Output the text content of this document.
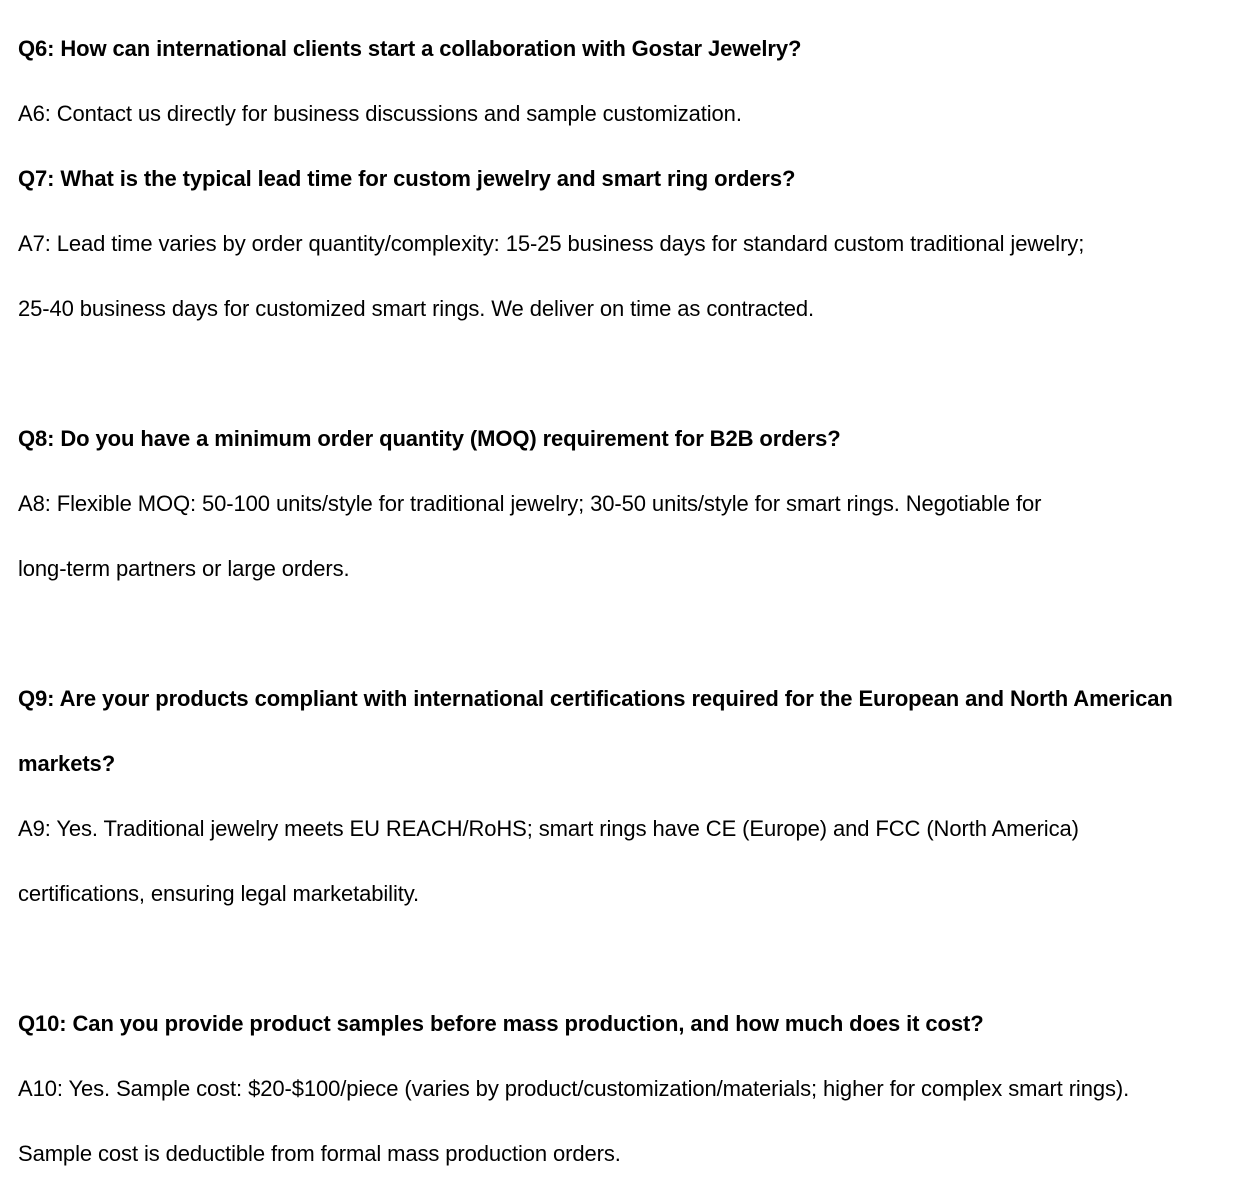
Q6: How can international clients start a collaboration with Gostar Jewelry?
A6: Contact us directly for business discussions and sample customization.
Q7: What is the typical lead time for custom jewelry and smart ring orders?
A7: Lead time varies by order quantity/complexity: 15-25 business days for standard custom traditional jewelry;
25-40 business days for customized smart rings. We deliver on time as contracted.
Q8: Do you have a minimum order quantity (MOQ) requirement for B2B orders?
A8: Flexible MOQ: 50-100 units/style for traditional jewelry; 30-50 units/style for smart rings. Negotiable for
long-term partners or large orders.
Q9: Are your products compliant with international certifications required for the European and North American
markets?
A9: Yes. Traditional jewelry meets EU REACH/RoHS; smart rings have CE (Europe) and FCC (North America)
certifications, ensuring legal marketability.
Q10: Can you provide product samples before mass production, and how much does it cost?
A10: Yes. Sample cost: $20-$100/piece (varies by product/customization/materials; higher for complex smart rings).
Sample cost is deductible from formal mass production orders.
